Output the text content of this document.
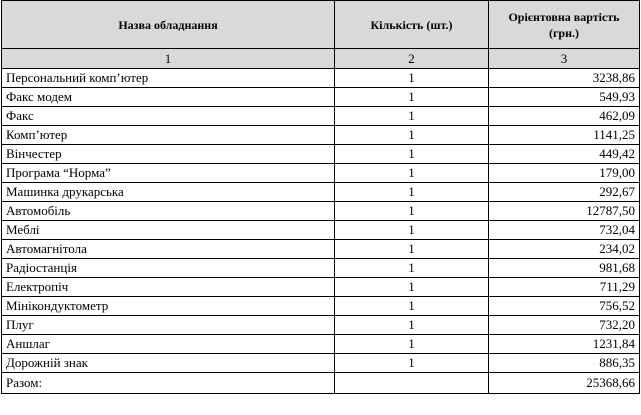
Назва обладнання	Кількість (шт.)	Орієнтовна вартість (грн.)
1	2	3
Персональний комп’ютер	1	3238,86
Факс модем	1	549,93
Факс	1	462,09
Комп’ютер	1	1141,25
Вінчестер	1	449,42
Програма “Норма”	1	179,00
Машинка друкарська	1	292,67
Автомобіль	1	12787,50
Меблі	1	732,04
Автомагнітола	1	234,02
Радіостанція	1	981,68
Електропіч	1	711,29
Мінікондуктометр	1	756,52
Плуг	1	732,20
Аншлаг	1	1231,84
Дорожній знак	1	886,35
Разом:		25368,66
